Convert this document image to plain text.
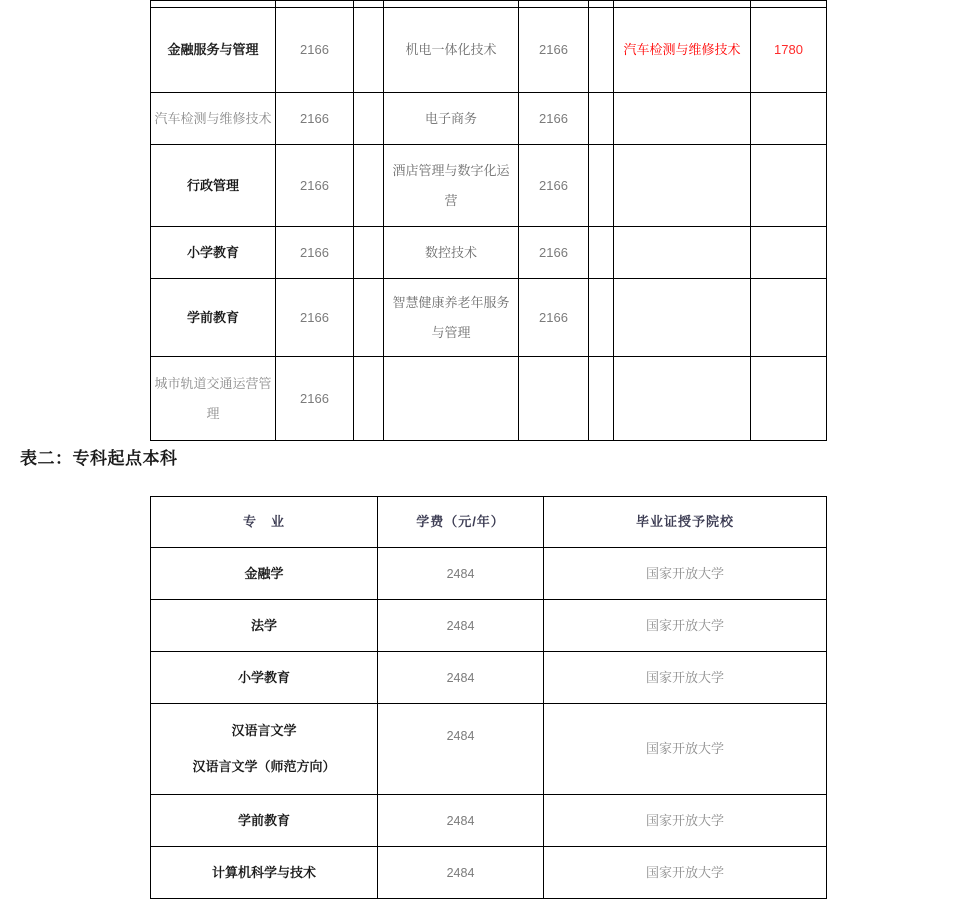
金融服务与管理	2166		机电一体化技术	2166		汽车检测与维修技术	1780
汽车检测与维修技术	2166		电子商务	2166			
行政管理	2166		酒店管理与数字化运营	2166			
小学教育	2166		数控技术	2166			
学前教育	2166		智慧健康养老年服务与管理	2166			
城市轨道交通运营管理	2166						
表二：专科起点本科
专　业	学费（元/年）	毕业证授予院校
金融学	2484	国家开放大学
法学	2484	国家开放大学
小学教育	2484	国家开放大学

汉语言文学
汉语言文学（师范方向）	2484	国家开放大学
学前教育	2484	国家开放大学
计算机科学与技术	2484	国家开放大学
